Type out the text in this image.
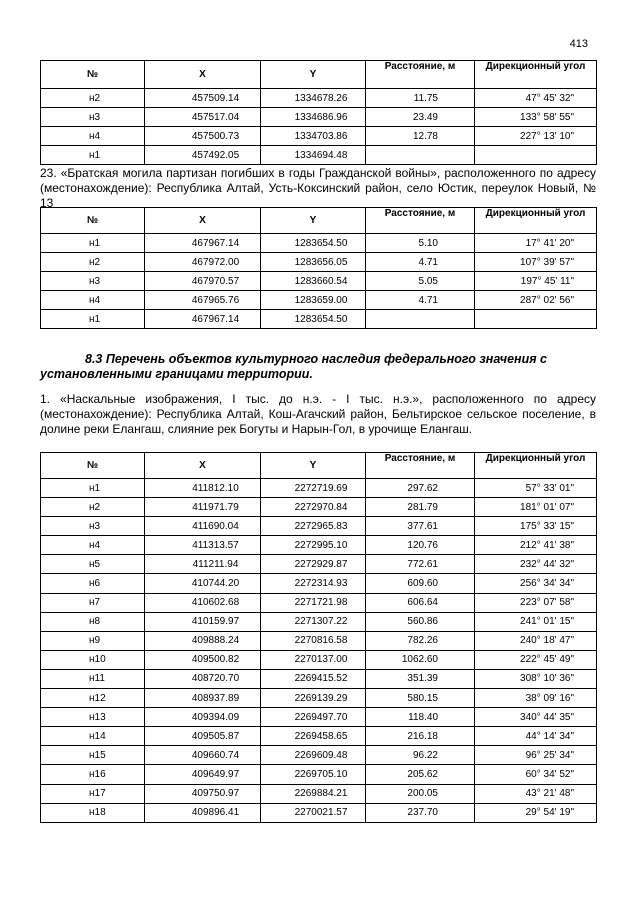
413
№	X	Y	Расстояние, м	Дирекционный угол
н2	457509.14	1334678.26	11.75	47° 45' 32"
н3	457517.04	1334686.96	23.49	133° 58' 55"
н4	457500.73	1334703.86	12.78	227° 13' 10"
н1	457492.05	1334694.48		
23. «Братская могила партизан погибших в годы Гражданской войны», расположенного по адресу (местонахождение): Республика Алтай, Усть-Коксинский район, село Юстик, переулок Новый, № 13
№	X	Y	Расстояние, м	Дирекционный угол
н1	467967.14	1283654.50	5.10	17° 41' 20"
н2	467972.00	1283656.05	4.71	107° 39' 57"
н3	467970.57	1283660.54	5.05	197° 45' 11"
н4	467965.76	1283659.00	4.71	287° 02' 56"
н1	467967.14	1283654.50		
8.3 Перечень объектов культурного наследия федерального значения с установленными границами территории.
1. «Наскальные изображения, I тыс. до н.э. - I тыс. н.э.», расположенного по адресу (местонахождение): Республика Алтай, Кош-Агачский район, Бельтирское сельское поселение, в долине реки Елангаш, слияние рек Богуты и Нарын-Гол, в урочище Елангаш.
№	X	Y	Расстояние, м	Дирекционный угол
н1	411812.10	2272719.69	297.62	57° 33' 01"
н2	411971.79	2272970.84	281.79	181° 01' 07"
н3	411690.04	2272965.83	377.61	175° 33' 15"
н4	411313.57	2272995.10	120.76	212° 41' 38"
н5	411211.94	2272929.87	772.61	232° 44' 32"
н6	410744.20	2272314.93	609.60	256° 34' 34"
н7	410602.68	2271721.98	606.64	223° 07' 58"
н8	410159.97	2271307.22	560.86	241° 01' 15"
н9	409888.24	2270816.58	782.26	240° 18' 47"
н10	409500.82	2270137.00	1062.60	222° 45' 49"
н11	408720.70	2269415.52	351.39	308° 10' 36"
н12	408937.89	2269139.29	580.15	38° 09' 16"
н13	409394.09	2269497.70	118.40	340° 44' 35"
н14	409505.87	2269458.65	216.18	44° 14' 34"
н15	409660.74	2269609.48	96.22	96° 25' 34"
н16	409649.97	2269705.10	205.62	60° 34' 52"
н17	409750.97	2269884.21	200.05	43° 21' 48"
н18	409896.41	2270021.57	237.70	29° 54' 19"
